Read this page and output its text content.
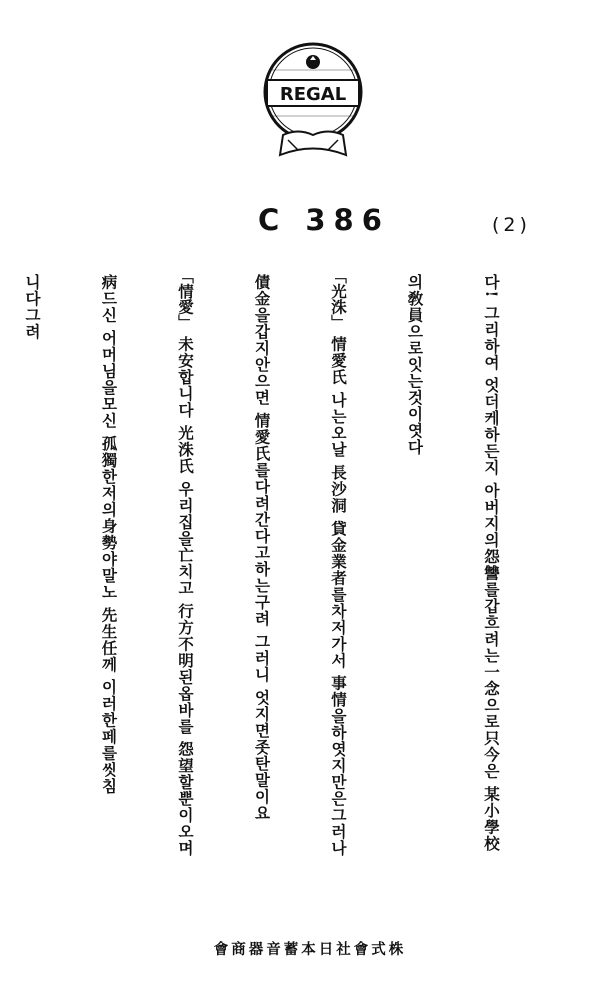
REGAL
C 386	(2)

다! 그리하여 엇더케하든지 아버지의怨讐를갑흐려는一念으로只今은 某小學校

의敎員으로잇는것이엿다

「光洙」情愛氏 나는오날 長沙洞 貸金業者를차저가서 事情을하엿지만은그러나

債金을갑지안으면 情愛氏를다려간다고하는구려 그러니 엇지면좃탄말이요

「情愛」未安합니다 光洙氏 우리집을亡치고 行方不明된옵바를 怨望할뿐이오며

病드신 어머님을모신 孤獨한저의身勢야말노 先生任께 이러한페를씻침

니다그려

會商器音蓄本日社會式株
